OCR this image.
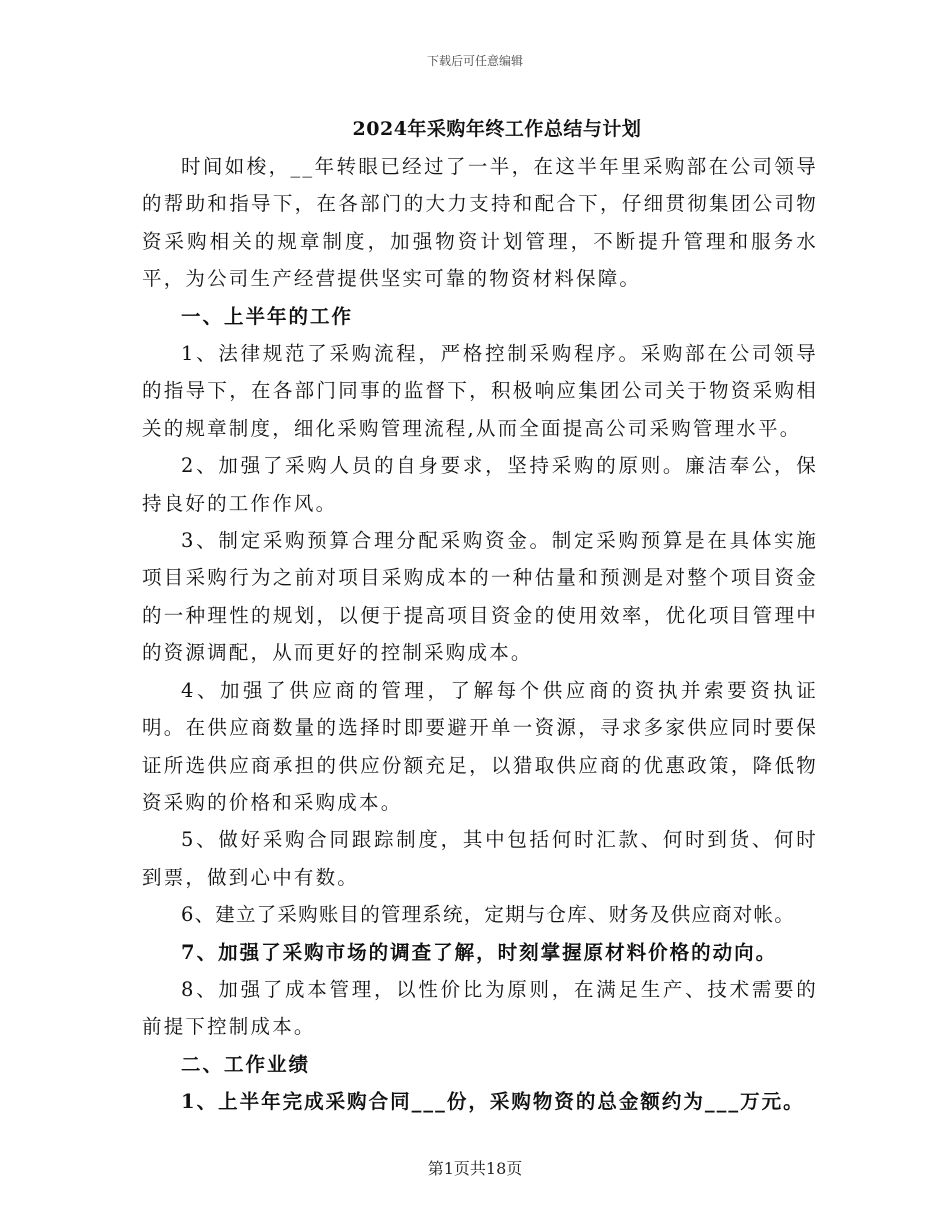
下载后可任意编辑
2024年采购年终工作总结与计划

时间如梭，__年转眼已经过了一半，在这半年里采购部在公司领导的帮助和指导下，在各部门的大力支持和配合下，仔细贯彻集团公司物资采购相关的规章制度，加强物资计划管理，不断提升管理和服务水平，为公司生产经营提供坚实可靠的物资材料保障。

一、上半年的工作

1、法律规范了采购流程，严格控制采购程序。采购部在公司领导的指导下，在各部门同事的监督下，积极响应集团公司关于物资采购相关的规章制度，细化采购管理流程,从而全面提高公司采购管理水平。

2、加强了采购人员的自身要求，坚持采购的原则。廉洁奉公，保持良好的工作作风。

3、制定采购预算合理分配采购资金。制定采购预算是在具体实施项目采购行为之前对项目采购成本的一种估量和预测是对整个项目资金的一种理性的规划，以便于提高项目资金的使用效率，优化项目管理中的资源调配，从而更好的控制采购成本。

4、加强了供应商的管理，了解每个供应商的资执并索要资执证明。在供应商数量的选择时即要避开单一资源，寻求多家供应同时要保证所选供应商承担的供应份额充足，以猎取供应商的优惠政策，降低物资采购的价格和采购成本。

5、做好采购合同跟踪制度，其中包括何时汇款、何时到货、何时到票，做到心中有数。

6、建立了采购账目的管理系统，定期与仓库、财务及供应商对帐。

7、加强了采购市场的调查了解，时刻掌握原材料价格的动向。

8、加强了成本管理，以性价比为原则，在满足生产、技术需要的前提下控制成本。

二、工作业绩

1、上半年完成采购合同___份，采购物资的总金额约为___万元。

第1页共18页
